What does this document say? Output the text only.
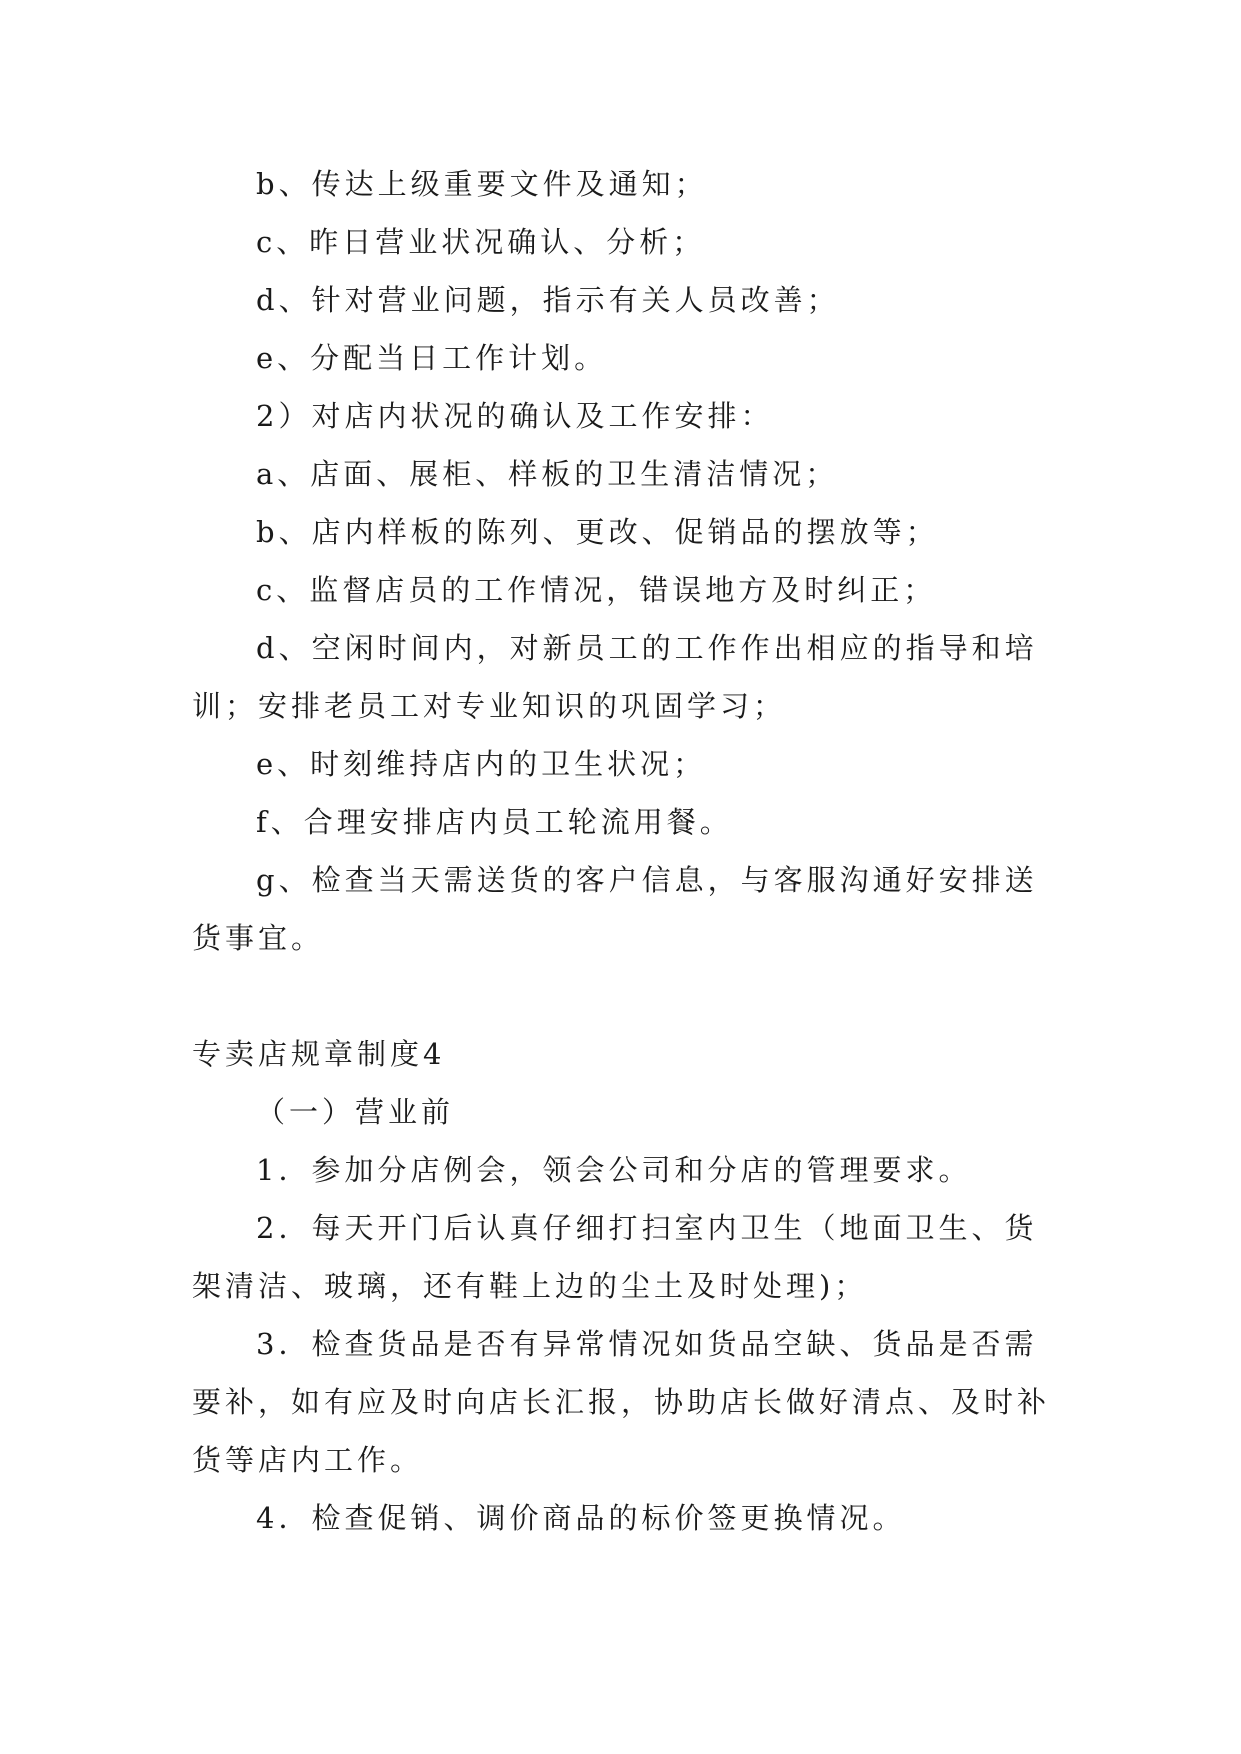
b、传达上级重要文件及通知；
c、昨日营业状况确认、分析；
d、针对营业问题，指示有关人员改善；
e、分配当日工作计划。
2）对店内状况的确认及工作安排：
a、店面、展柜、样板的卫生清洁情况；
b、店内样板的陈列、更改、促销品的摆放等；
c、监督店员的工作情况，错误地方及时纠正；
d、空闲时间内，对新员工的工作作出相应的指导和培训；安排老员工对专业知识的巩固学习；
e、时刻维持店内的卫生状况；
f、合理安排店内员工轮流用餐。
g、检查当天需送货的客户信息，与客服沟通好安排送货事宜。
专卖店规章制度4
（一）营业前
1．参加分店例会，领会公司和分店的管理要求。
2．每天开门后认真仔细打扫室内卫生（地面卫生、货架清洁、玻璃，还有鞋上边的尘土及时处理)；
3．检查货品是否有异常情况如货品空缺、货品是否需要补，如有应及时向店长汇报，协助店长做好清点、及时补货等店内工作。
4．检查促销、调价商品的标价签更换情况。
